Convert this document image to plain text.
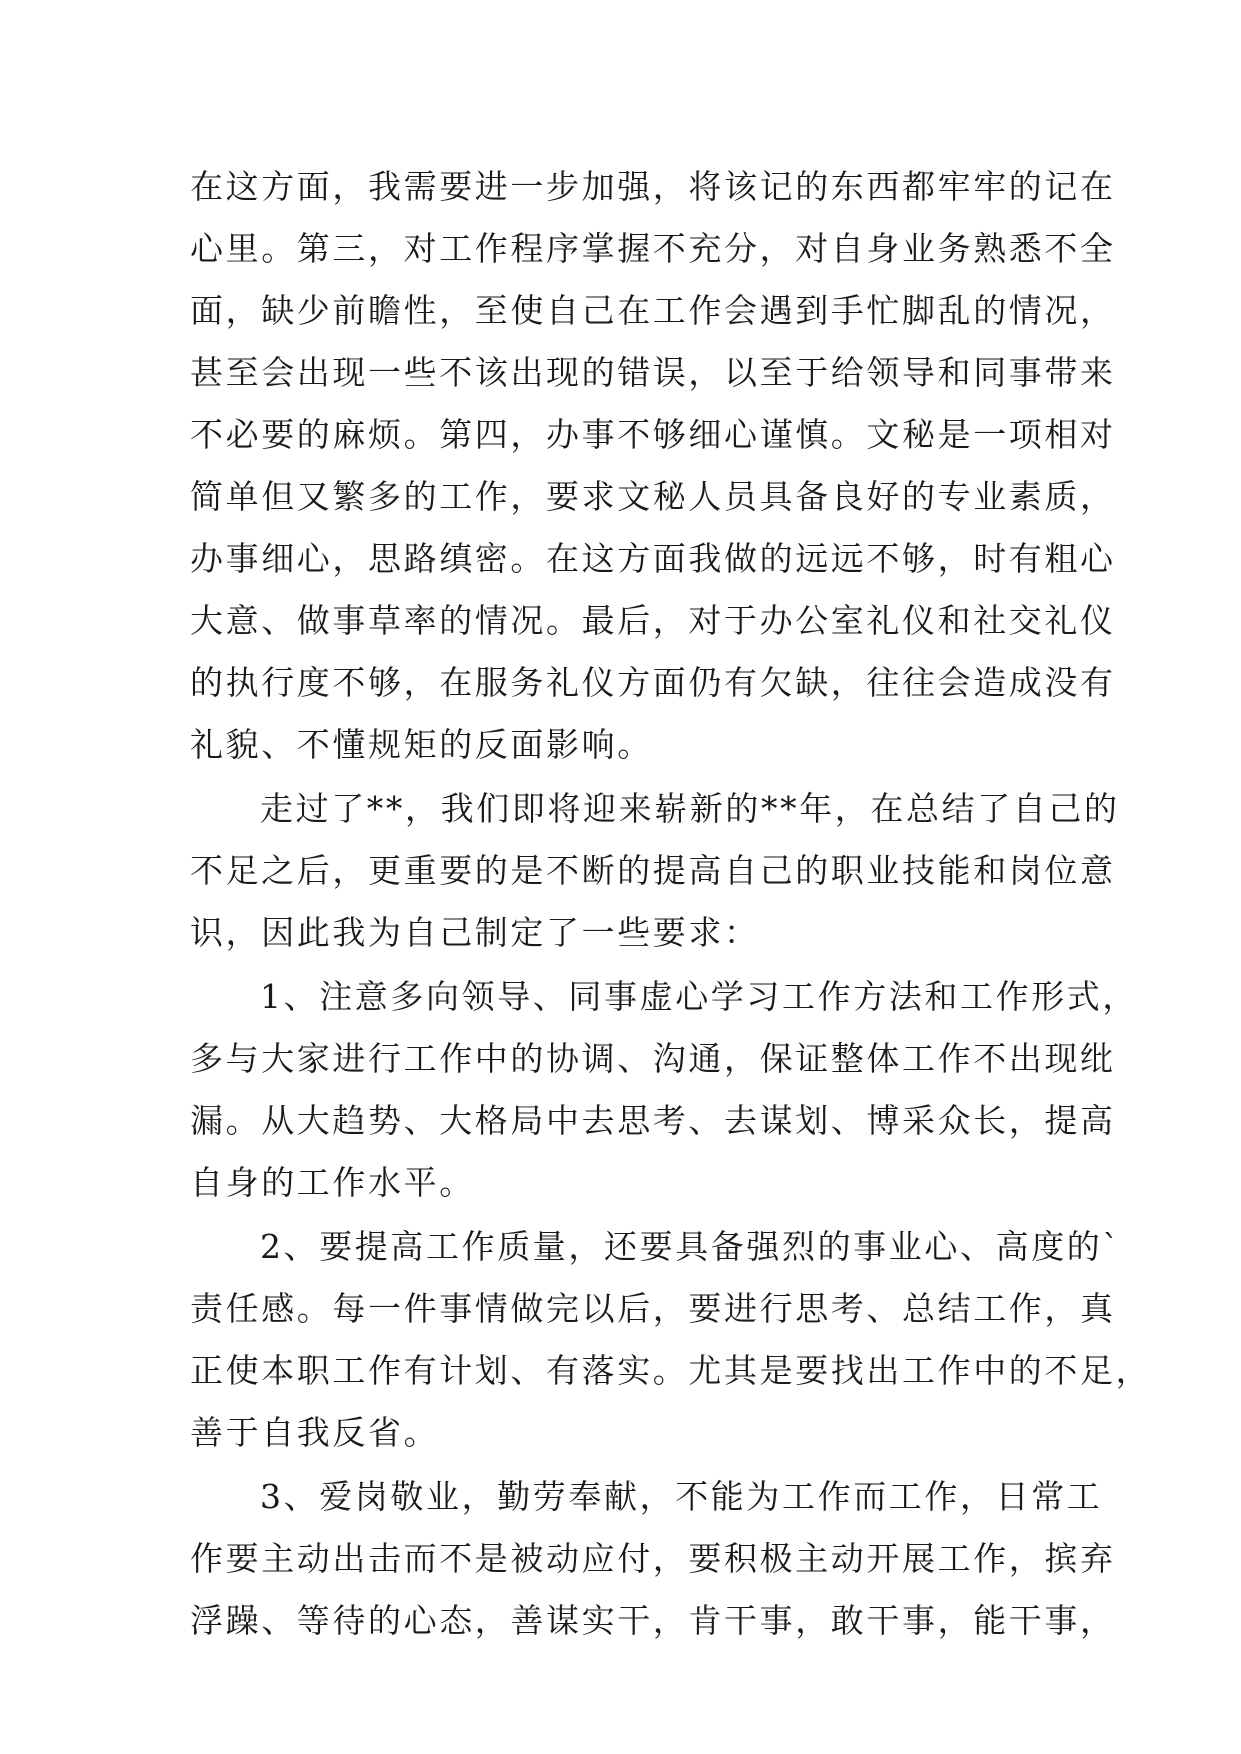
在这方面，我需要进一步加强，将该记的东西都牢牢的记在
心里。第三，对工作程序掌握不充分，对自身业务熟悉不全
面，缺少前瞻性，至使自己在工作会遇到手忙脚乱的情况，
甚至会出现一些不该出现的错误，以至于给领导和同事带来
不必要的麻烦。第四，办事不够细心谨慎。文秘是一项相对
简单但又繁多的工作，要求文秘人员具备良好的专业素质，
办事细心，思路缜密。在这方面我做的远远不够，时有粗心
大意、做事草率的情况。最后，对于办公室礼仪和社交礼仪
的执行度不够，在服务礼仪方面仍有欠缺，往往会造成没有
礼貌、不懂规矩的反面影响。
走过了**，我们即将迎来崭新的**年，在总结了自己的
不足之后，更重要的是不断的提高自己的职业技能和岗位意
识，因此我为自己制定了一些要求：
1、注意多向领导、同事虚心学习工作方法和工作形式，
多与大家进行工作中的协调、沟通，保证整体工作不出现纰
漏。从大趋势、大格局中去思考、去谋划、博采众长，提高
自身的工作水平。
2、要提高工作质量，还要具备强烈的事业心、高度的`
责任感。每一件事情做完以后，要进行思考、总结工作，真
正使本职工作有计划、有落实。尤其是要找出工作中的不足，
善于自我反省。
3、爱岗敬业，勤劳奉献，不能为工作而工作，日常工
作要主动出击而不是被动应付，要积极主动开展工作，摈弃
浮躁、等待的心态，善谋实干，肯干事，敢干事，能干事，
